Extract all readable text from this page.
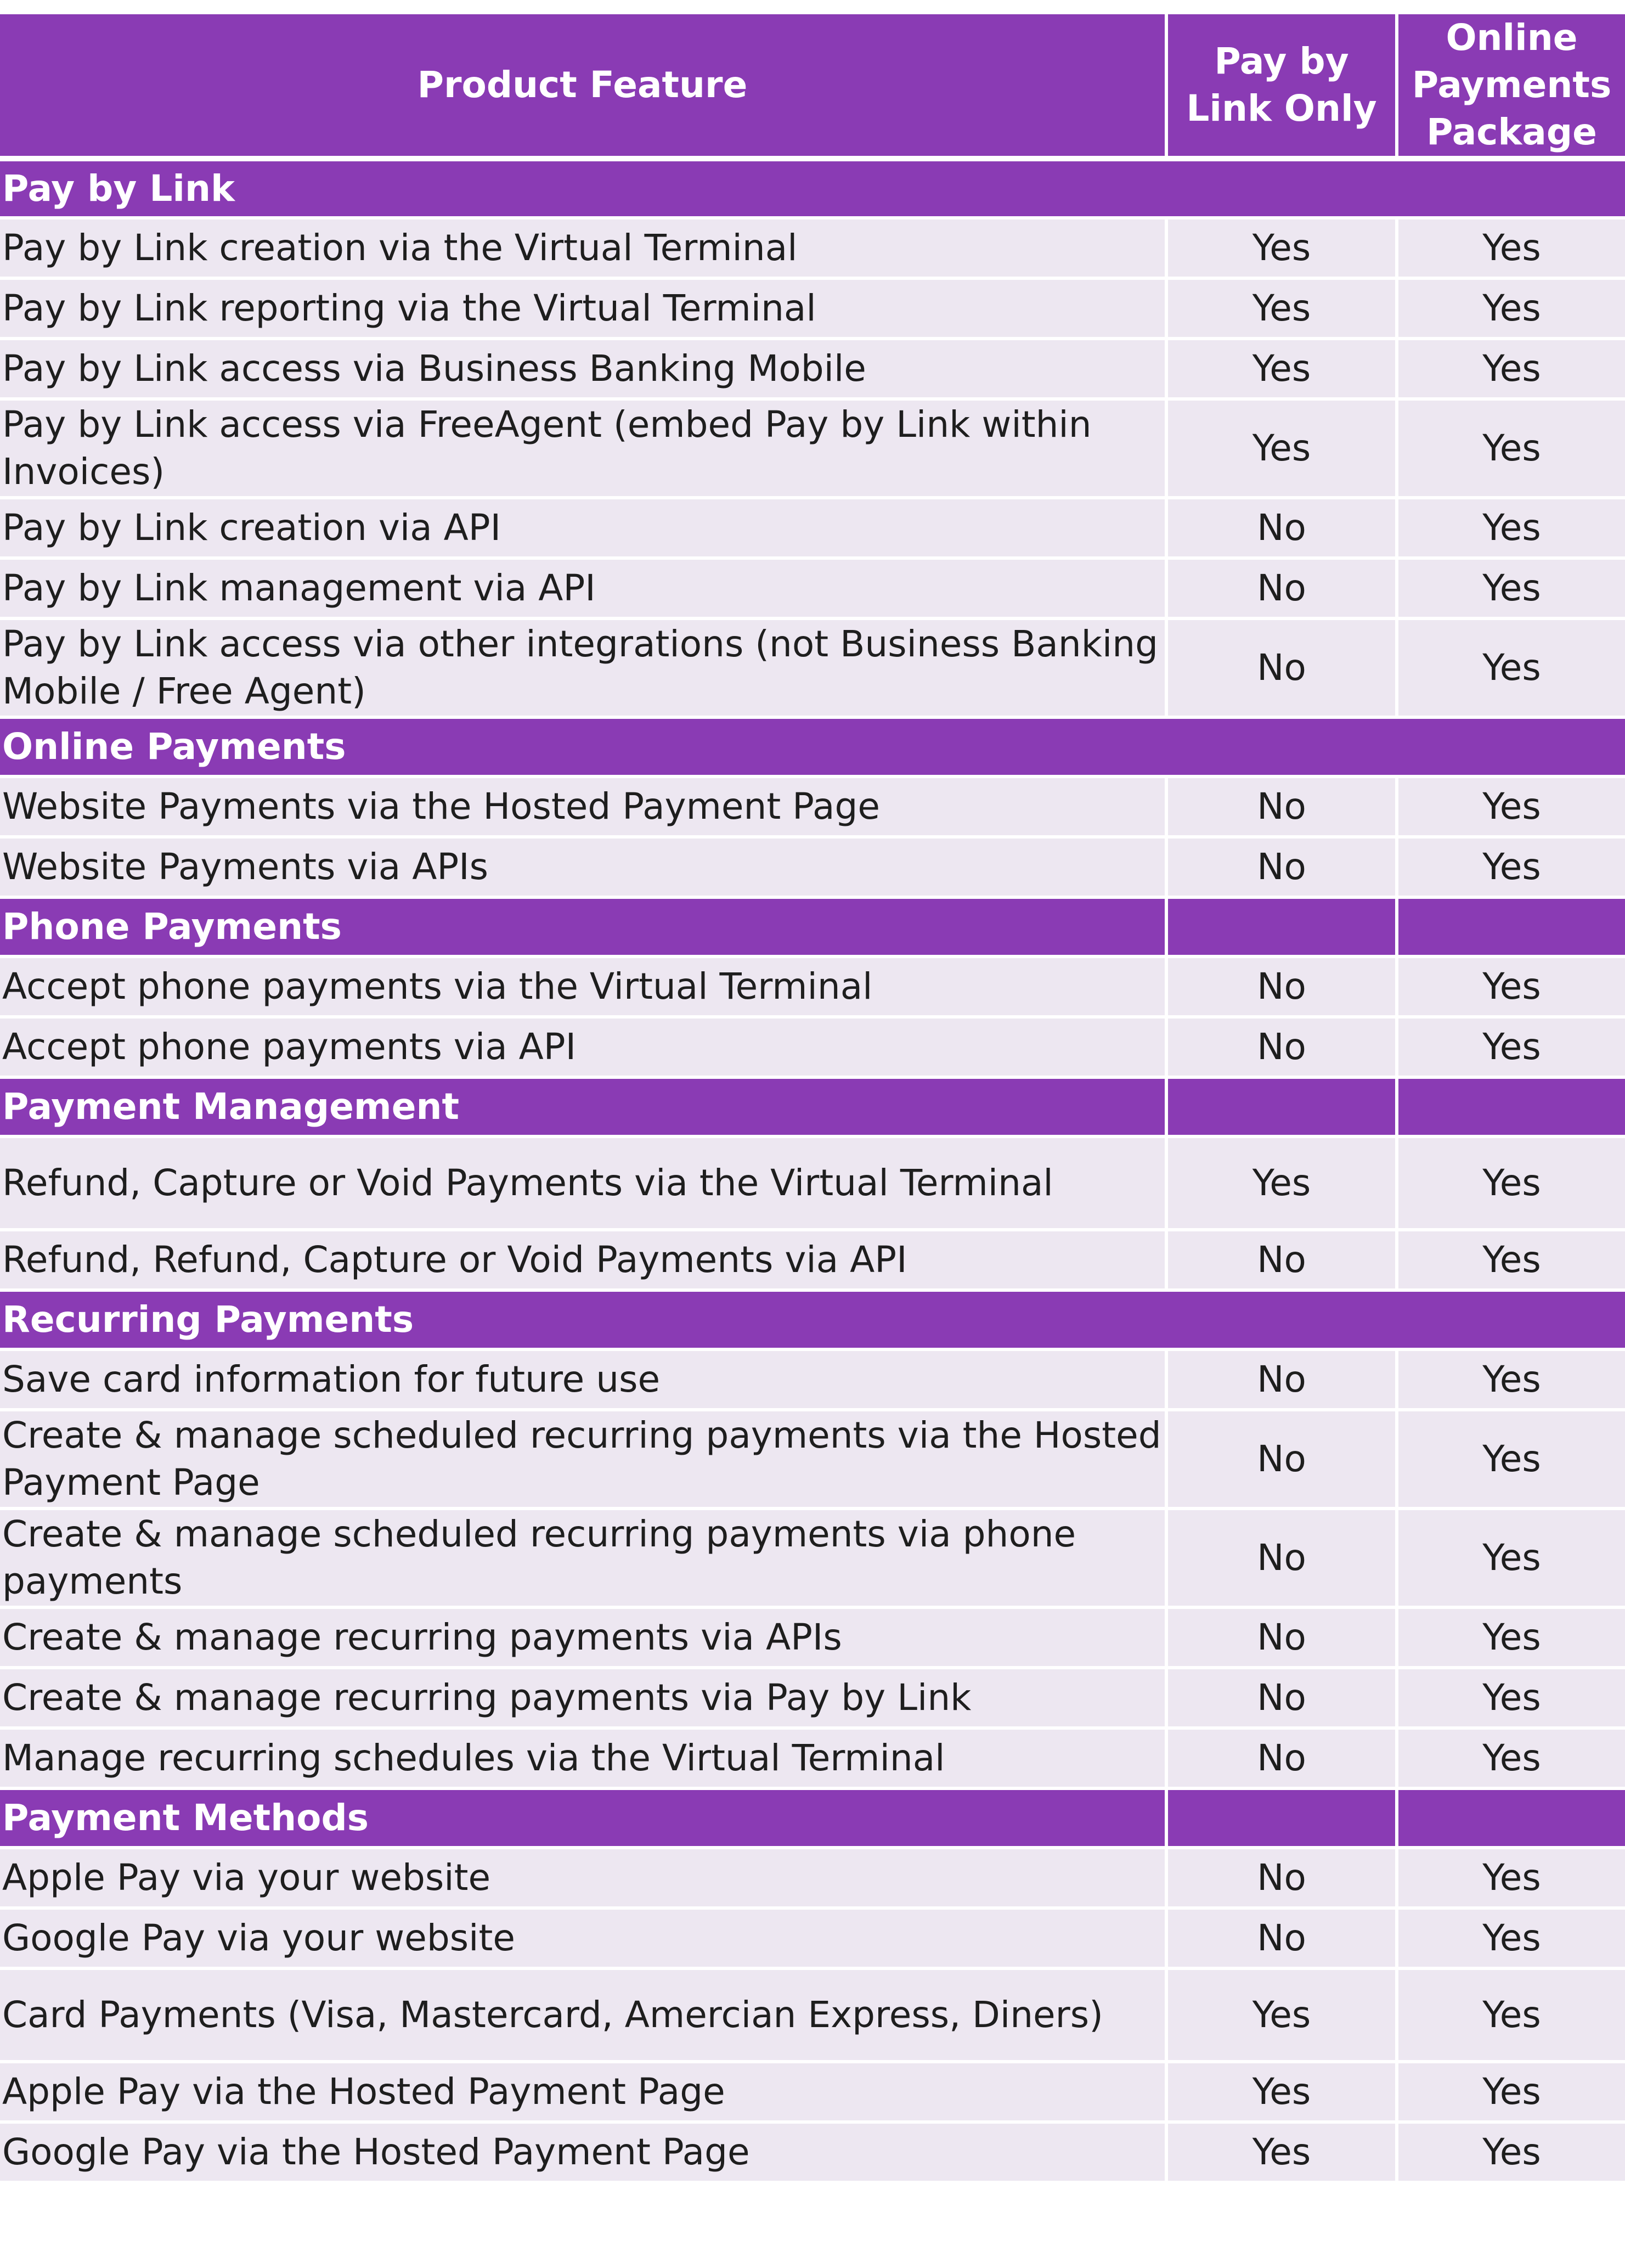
Product Feature	Pay by Link Only	Online Payments Package
Pay by Link		
Pay by Link creation via the Virtual Terminal	Yes	Yes
Pay by Link reporting via the Virtual Terminal	Yes	Yes
Pay by Link access via Business Banking Mobile	Yes	Yes
Pay by Link access via FreeAgent (embed Pay by Link within Invoices)	Yes	Yes
Pay by Link creation via API	No	Yes
Pay by Link management via API	No	Yes
Pay by Link access via other integrations (not Business Banking Mobile / Free Agent)	No	Yes
Online Payments		
Website Payments via the Hosted Payment Page	No	Yes
Website Payments via APIs	No	Yes
Phone Payments		
Accept phone payments via the Virtual Terminal	No	Yes
Accept phone payments via API	No	Yes
Payment Management		
Refund, Capture or Void Payments via the Virtual Terminal	Yes	Yes
Refund, Refund, Capture or Void Payments via API	No	Yes
Recurring Payments		
Save card information for future use	No	Yes
Create & manage scheduled recurring payments via the Hosted Payment Page	No	Yes
Create & manage scheduled recurring payments via phone payments	No	Yes
Create & manage recurring payments via APIs	No	Yes
Create & manage recurring payments via Pay by Link	No	Yes
Manage recurring schedules via the Virtual Terminal	No	Yes
Payment Methods		
Apple Pay via your website	No	Yes
Google Pay via your website	No	Yes
Card Payments (Visa, Mastercard, Amercian Express, Diners)	Yes	Yes
Apple Pay via the Hosted Payment Page	Yes	Yes
Google Pay via the Hosted Payment Page	Yes	Yes
